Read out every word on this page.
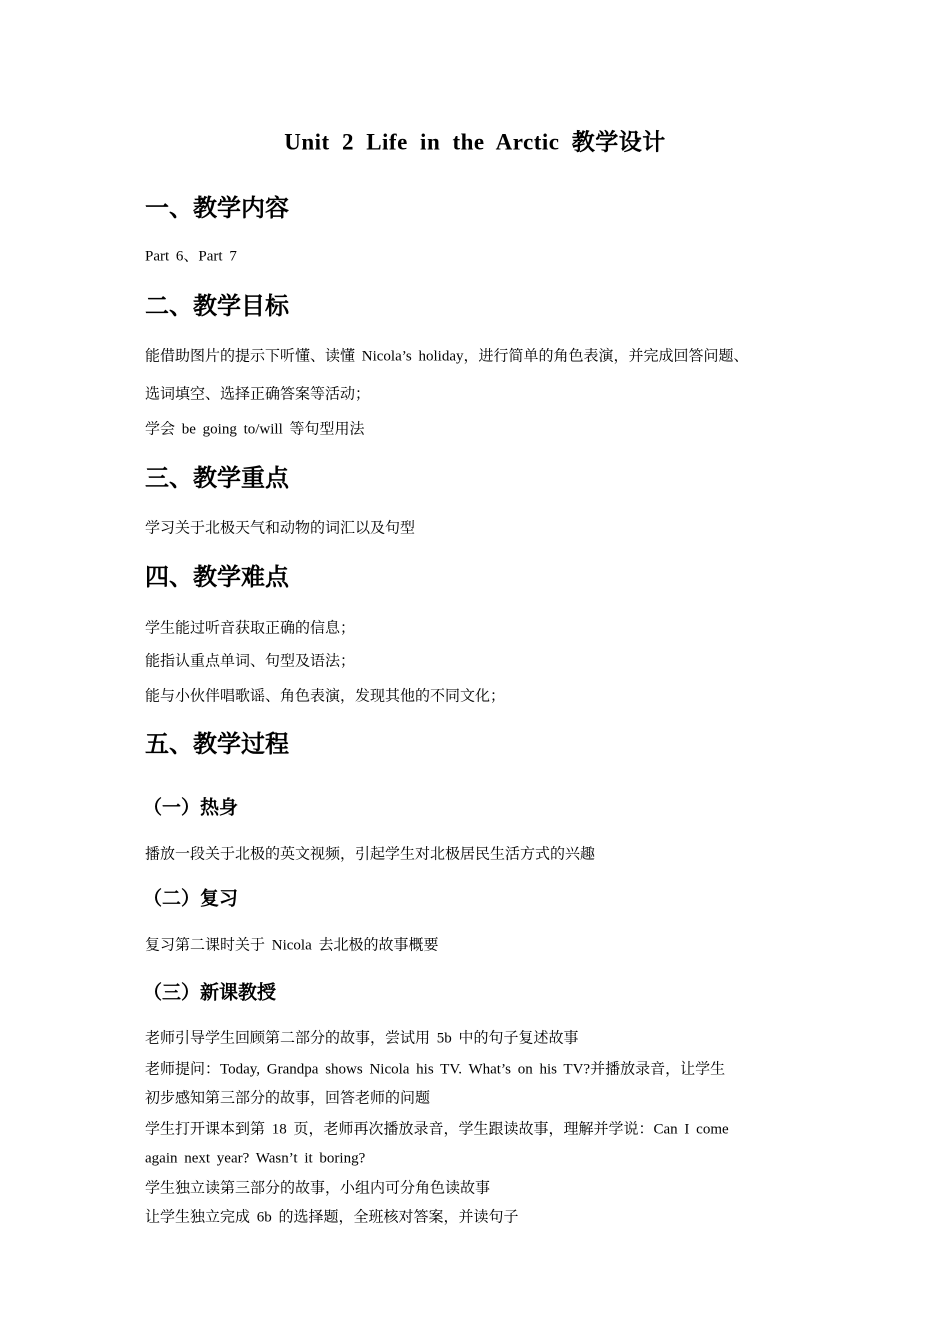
Unit 2 Life in the Arctic 教学设计
一、教学内容
Part 6、Part 7
二、教学目标
能借助图片的提示下听懂、读懂 Nicola’s holiday，进行简单的角色表演，并完成回答问题、
选词填空、选择正确答案等活动；
学会 be going to/will 等句型用法
三、教学重点
学习关于北极天气和动物的词汇以及句型
四、教学难点
学生能过听音获取正确的信息；
能指认重点单词、句型及语法；
能与小伙伴唱歌谣、角色表演，发现其他的不同文化；
五、教学过程
（一）热身
播放一段关于北极的英文视频，引起学生对北极居民生活方式的兴趣
（二）复习
复习第二课时关于 Nicola 去北极的故事概要
（三）新课教授
老师引导学生回顾第二部分的故事，尝试用 5b 中的句子复述故事
老师提问：Today, Grandpa shows Nicola his TV. What’s on his TV?并播放录音，让学生
初步感知第三部分的故事，回答老师的问题
学生打开课本到第 18 页，老师再次播放录音，学生跟读故事，理解并学说：Can I come
again next year? Wasn’t it boring?
学生独立读第三部分的故事，小组内可分角色读故事
让学生独立完成 6b 的选择题，全班核对答案，并读句子
